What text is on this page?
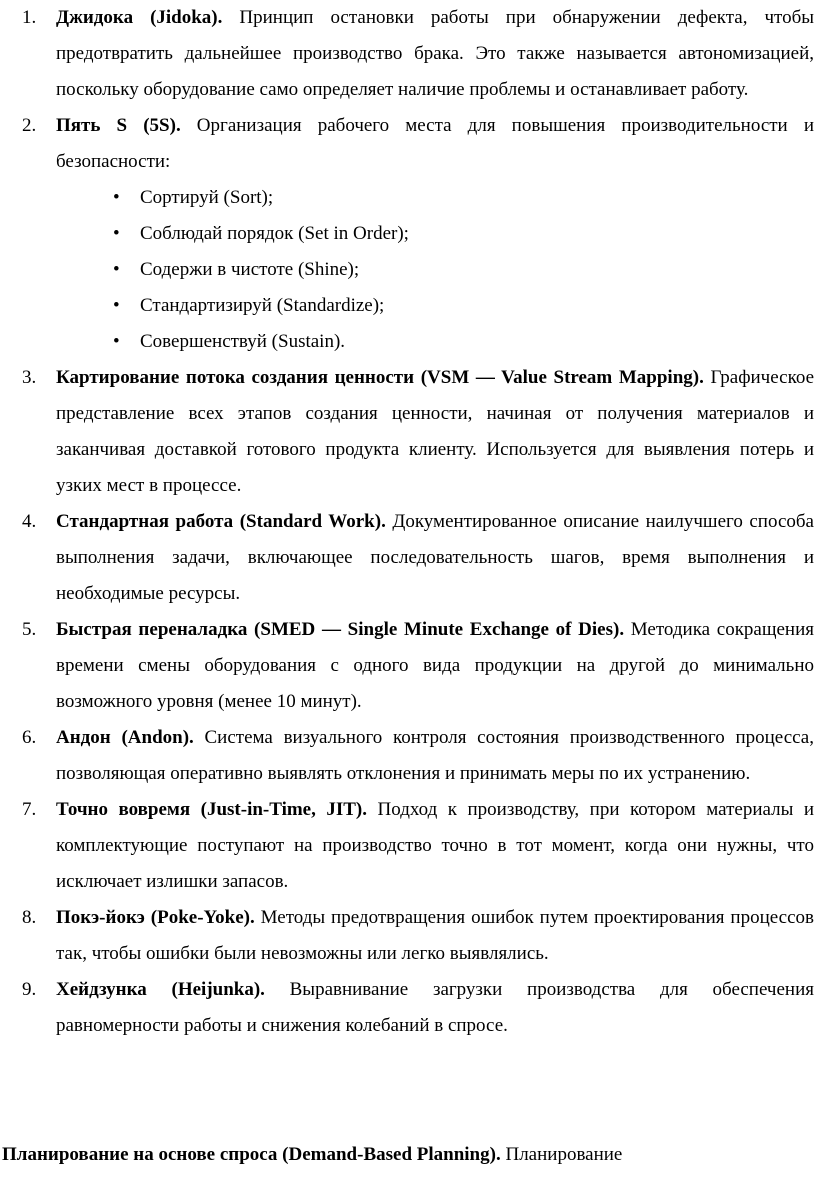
1. Джидока (Jidoka). Принцип остановки работы при обнаружении дефекта, чтобы предотвратить дальнейшее производство брака. Это также называется автономизацией, поскольку оборудование само определяет наличие проблемы и останавливает работу.
2. Пять S (5S). Организация рабочего места для повышения производительности и безопасности:
• Сортируй (Sort);
• Соблюдай порядок (Set in Order);
• Содержи в чистоте (Shine);
• Стандартизируй (Standardize);
• Совершенствуй (Sustain).
3. Картирование потока создания ценности (VSM — Value Stream Mapping). Графическое представление всех этапов создания ценности, начиная от получения материалов и заканчивая доставкой готового продукта клиенту. Используется для выявления потерь и узких мест в процессе.
4. Стандартная работа (Standard Work). Документированное описание наилучшего способа выполнения задачи, включающее последовательность шагов, время выполнения и необходимые ресурсы.
5. Быстрая переналадка (SMED — Single Minute Exchange of Dies). Методика сокращения времени смены оборудования с одного вида продукции на другой до минимально возможного уровня (менее 10 минут).
6. Андон (Andon). Система визуального контроля состояния производственного процесса, позволяющая оперативно выявлять отклонения и принимать меры по их устранению.
7. Точно вовремя (Just-in-Time, JIT). Подход к производству, при котором материалы и комплектующие поступают на производство точно в тот момент, когда они нужны, что исключает излишки запасов.
8. Покэ-йокэ (Poke-Yoke). Методы предотвращения ошибок путем проектирования процессов так, чтобы ошибки были невозможны или легко выявлялись.
9. Хейдзунка (Heijunka). Выравнивание загрузки производства для обеспечения равномерности работы и снижения колебаний в спросе.
Планирование на основе спроса (Demand-Based Planning). Планирование
